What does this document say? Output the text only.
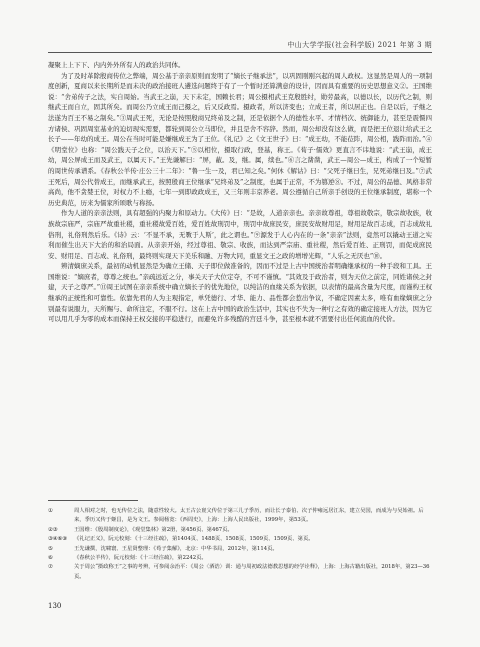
中山大学学报(社会科学版) 2021 年第 3 期

凝聚上上下下、内内外外所有人的政治共同体。

为了及时革除殷商传位之弊端，周公基于亲亲原则而发明了“嫡长子继承法”，以巩固刚刚兴起的周人政权。这显然是周人的一项制度创新，夏商以来长期所是而未决的政治接班人遴选问题终于有了一个暂时还算满意的设计，因而具有重要的历史思想意义②。王国维说：“舍弟传子之法，实自周始。当武王之崩，天下未定，国赖长君；周公摄相武王克殷胜纣，勋劳最高，以德以长，以历代之制，则继武王而自立，固其所矣。而周公乃立成王而己摄之，后又反政焉。摄政者，所以济变也；立成王者，所以居正也。自是以后，子继之法遂为百王不易之制矣。”③周武王死，无论是按照殷商兄终弟及之制，还是依据个人的德性水平、才情档次、统御能力，甚至是震慑四方诸侯、巩固周室基业的迫切现实需要，都轮到周公立马即位，并且是舍不容辞。然而，周公却没有这么做，而是把王位退让给武王之长子——年幼的成王。周公在当时可能是嫌继成王为了王位。《礼记》之《文王世子》曰：“成王幼，不能莅阼，周公相，践阼而治。”④《明堂位》也称：“周公践天子之位，以治天下。”⑤以相位，摄取行政，登基，称王。《荀子·儒效》更直言不讳地说：“武王崩，成王幼，周公屏成王而及武王，以属天下。”王先谦解曰：“屏，蔽。及，继。属，续也。”⑥言之凿凿，武王—周公—成王，构成了一个短暂的周世传承谱系。《春秋公羊传·庄公三十二年》：“鲁一生一及，君已知之矣。”何休《解诂》曰：“父死子继曰生，兄死弟继曰及。”⑦武王死后，周公代替成王，而继承武王，按照殷商王位继承“兄终弟及”之制度，也属于正常，不为篡逆⑧。不过，周公的品德、风格非常高尚，他不贪婪王位，对权力不上瘾，七年一到即政政成王，又三年则丰京养老。周公遵循自己所亲手创设的王位继承制度，堪称一个历史典范，历来为儒家所颂歌与称扬。

作为人道的亲亲法则，具有超强的内聚力和原动力。《大传》曰：“是故，人道亲亲也。亲亲故尊祖，尊祖故敬宗，敬宗故收族，收族故宗庙严，宗庙严故重社稷，重社稷故爱百姓，爱百姓故刑罚中，刑罚中故庶民安，庶民安故财用足，财用足故百志成，百志成故礼俗刑，礼俗刑然后乐。《诗》云：‘不显不承，无斁于人斯’，此之谓也。”⑨源发于人心内在的一条“亲亲”法则，竟然可以撬动王道之实利而催生出天下大治的和治局面。从亲亲开始，经过尊祖、敬宗、收族，而达到严宗庙、重社稷，然后爱百姓、正刑罚，而促成庶民安、财用足、百志成、礼俗刑，最终则实现天下美乐和融、万物大同，重显文王之政的增增光辉，“人乐之无厌也”⑩。

辨清嫡庶关系，最初的动机显然是为确立王储、天子即位做准备的，因而不过是上古中国统治者明确继承权的一种手段和工具。王国维说：“嫡庶者，尊尊之统也。”亲疏远近之分，事关天子大位定夺，不可不谨慎。“其效及于政治者，则为天位之前定，同姓诸侯之封建，天子之尊严。”⑪周王试图在亲亲系统中确立嫡长子的优先地位，以纯洁的血缘关系为依据，以表情的最高含量为尺度，而谨构王权继承的正统性和可靠性。依靠先君的人为主观指定，单凭德行、才华、能力、品性都会惹出争议，不确定因素太多，唯有血缘嫡庶之分别最有说服力，天所赐与、命所注定，不服不行。这在上古中国的政治生活中，其实也不失为一种行之有效的确定接班人方法，因为它可以用几乎为零的成本而保持王权交接的平稳进行，而避免许多残酷的宫廷斗争，甚至根本就不需要付出任何流血的代价。

①	周人相对之时，也无传位之法，随意性较大。太王古公亶父传位于第三儿子季历，而让长子泰伯、次子仲雍远居江东，建立吴国，而成为与吴始祖。后来，季历又传于姬昌，是为文王。参阅杨宽：《西周史》，上海：上海人民出版社，1999年，第53页。
②③	王国维：《殷周制度论》，《观堂集林》第2册，第456页、第467页。
③④⑥⑨	《礼记正义》，阮元校刻：《十三经注疏》，第1404页、1488页、1508页、1509页、1509页、第页。
⑤	王先谦撰，沈啸寰、王星贤整理：《荀子集解》，北京：中华书局，2012年，第114页。
⑥	《春秋公羊传》，阮元校刻：《十三经注疏》，第2242页。
⑦	关于周公“摄政称王”之事的考辨，可参阅余治平：《周公〈酒诰〉训：通与周初政法德教思想的经学诠释》，上海：上海古籍出版社，2018年，第23—36页。
130
